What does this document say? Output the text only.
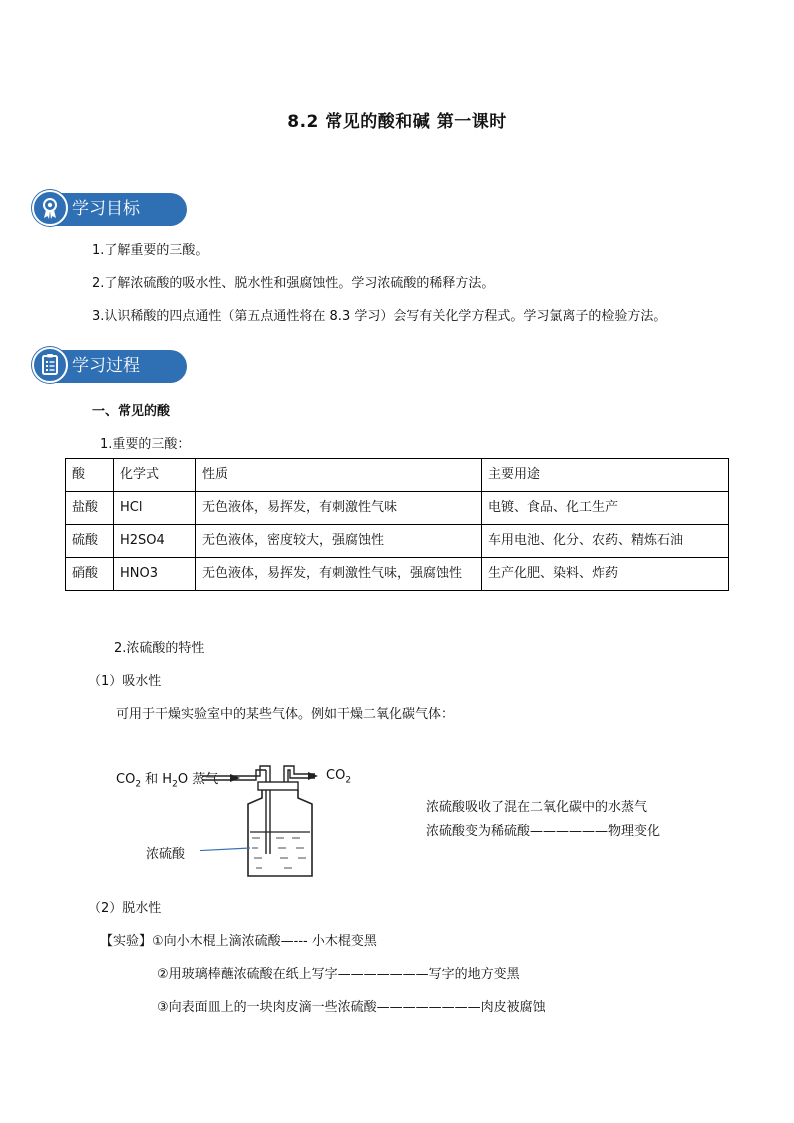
8.2 常见的酸和碱 第一课时
学习目标
1.了解重要的三酸。
2.了解浓硫酸的吸水性、脱水性和强腐蚀性。学习浓硫酸的稀释方法。
3.认识稀酸的四点通性（第五点通性将在 8.3 学习）会写有关化学方程式。学习氯离子的检验方法。
学习过程
一、常见的酸
1.重要的三酸：
酸	化学式	性质	主要用途
盐酸	HCl	无色液体，易挥发，有刺激性气味	电镀、食品、化工生产
硫酸	H2SO4	无色液体，密度较大，强腐蚀性	车用电池、化分、农药、精炼石油
硝酸	HNO3	无色液体，易挥发，有刺激性气味，强腐蚀性	生产化肥、染料、炸药
2.浓硫酸的特性
（1）吸水性
可用于干燥实验室中的某些气体。例如干燥二氧化碳气体：
$CO_2$ 和 $H_2O$ 蒸气	$CO_2$
浓硫酸
浓硫酸吸收了混在二氧化碳中的水蒸气
浓硫酸变为稀硫酸——————物理变化
（2）脱水性
【实验】①向小木棍上滴浓硫酸—--- 小木棍变黑
②用玻璃棒蘸浓硫酸在纸上写字———————写字的地方变黑
③向表面皿上的一块肉皮滴一些浓硫酸————————肉皮被腐蚀
